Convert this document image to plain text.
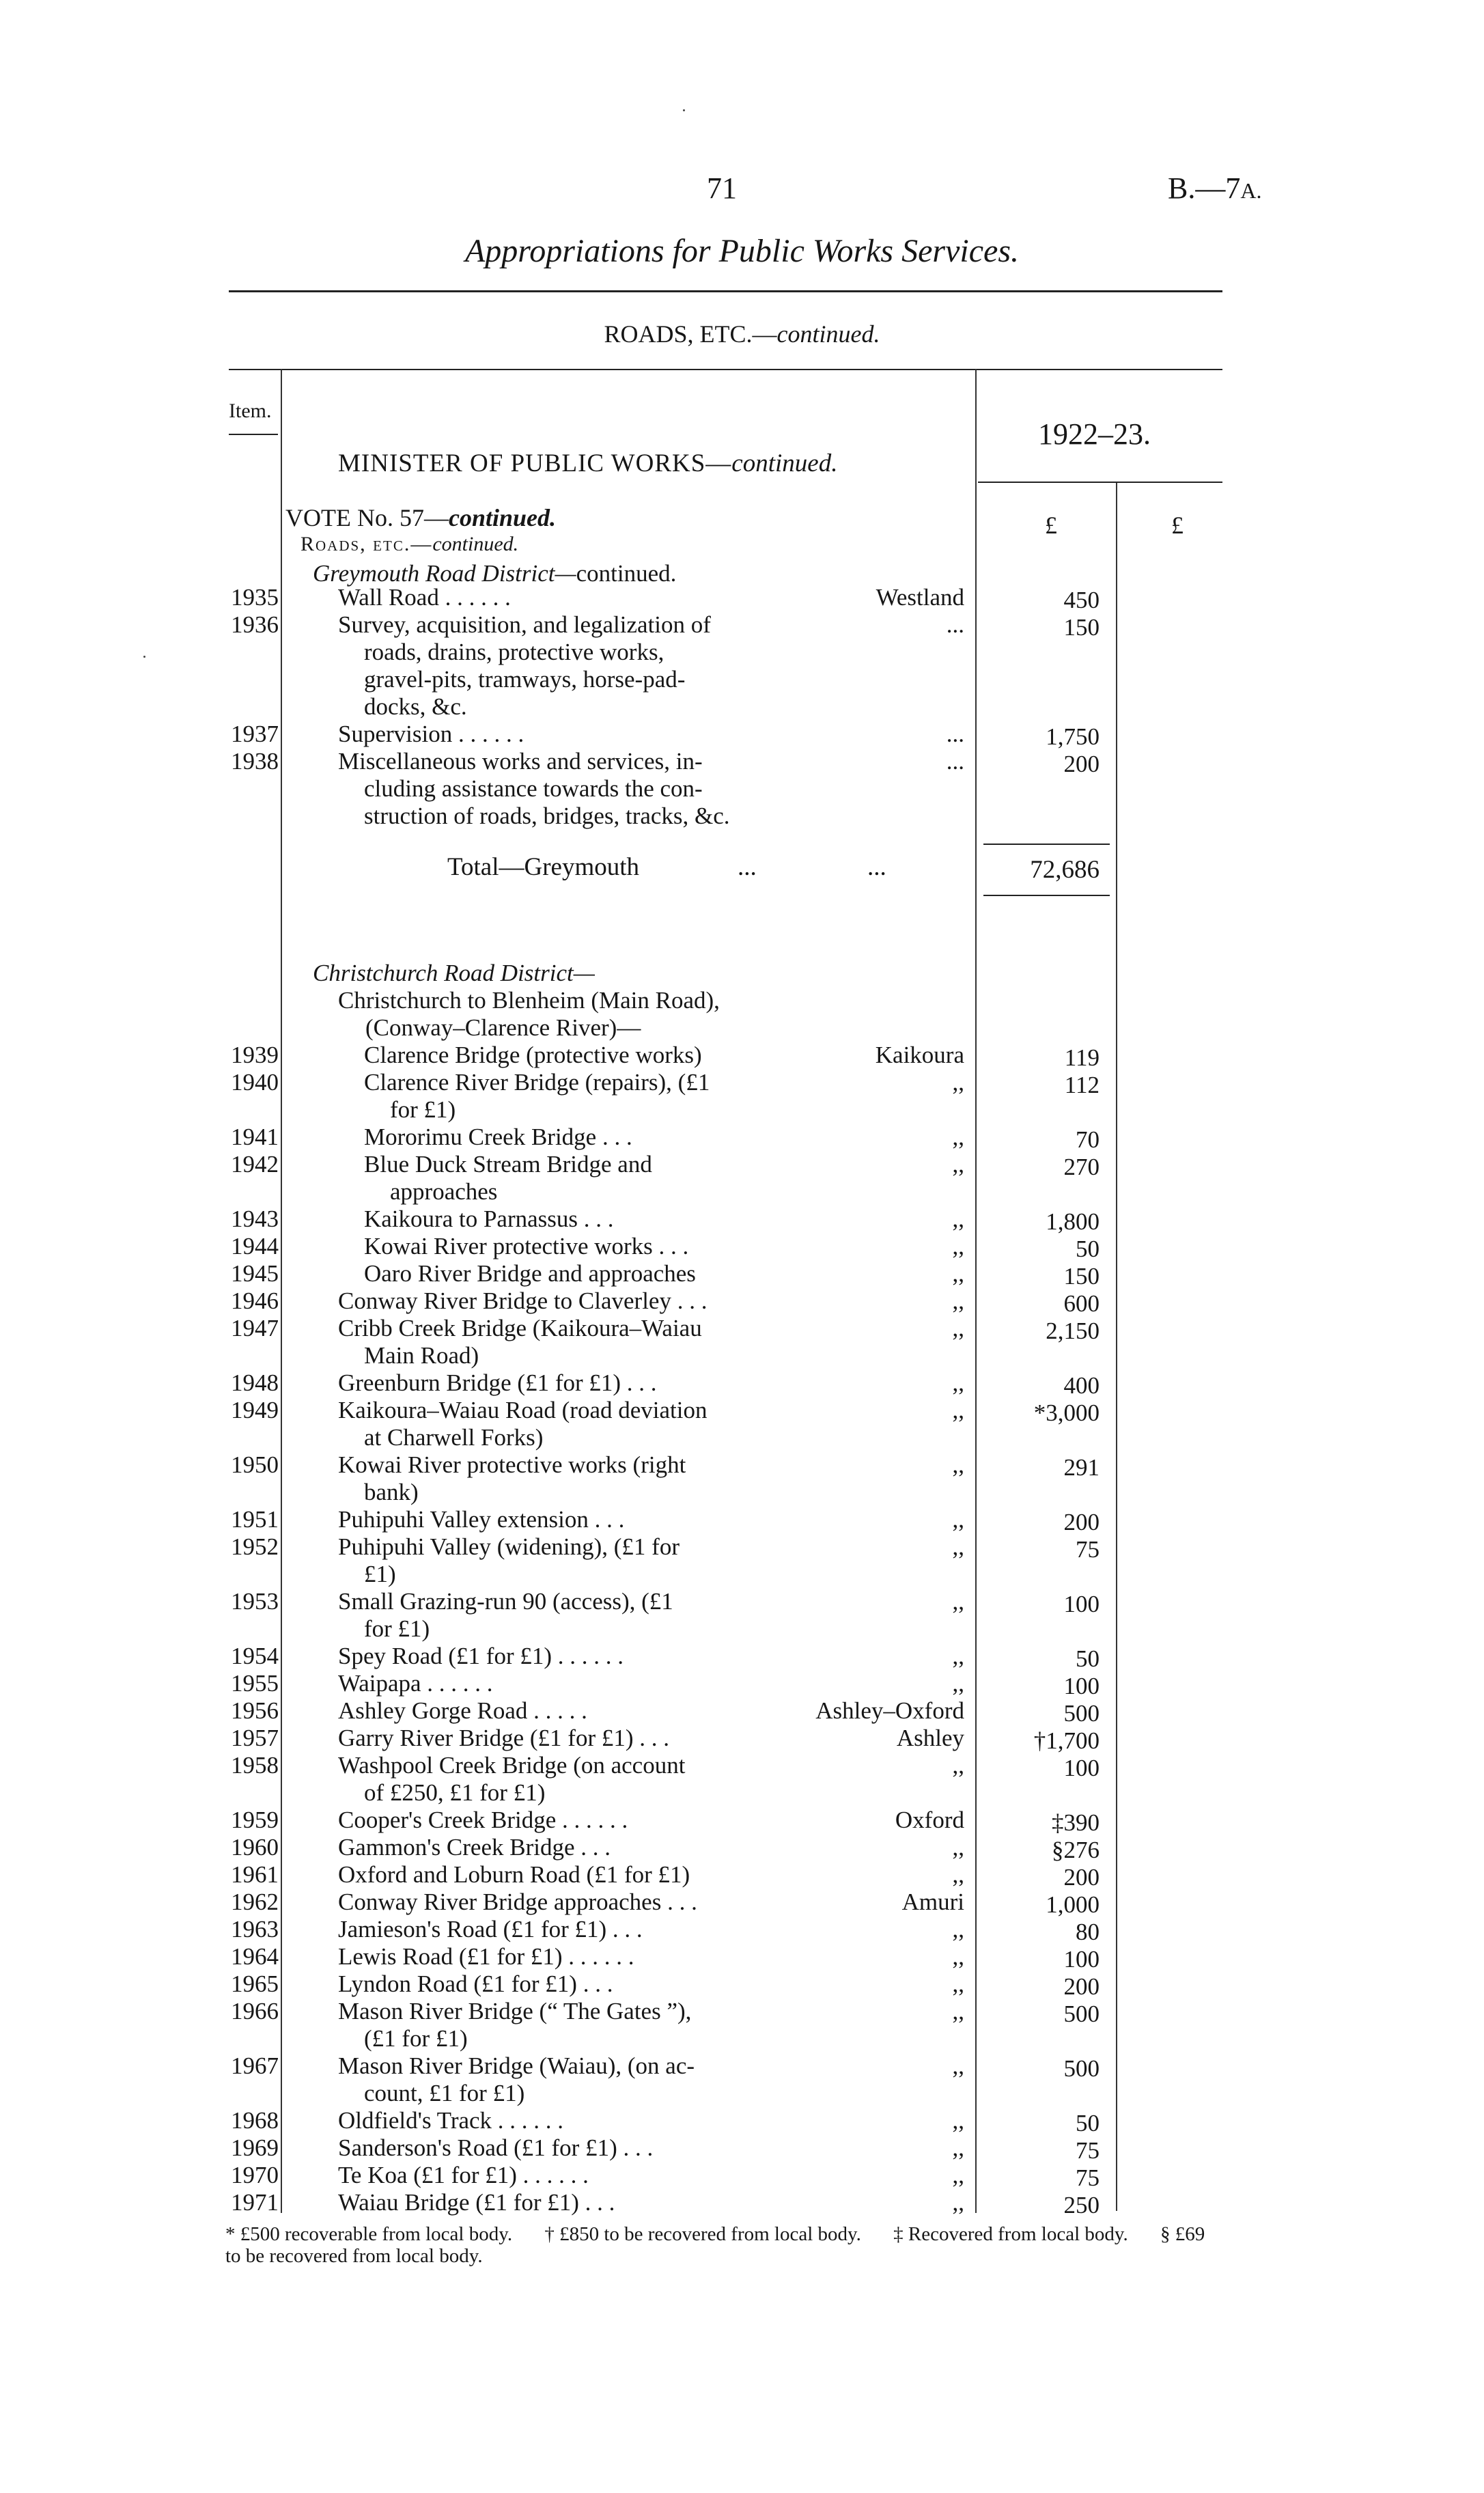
71	B.—7A.
Appropriations for Public Works Services.
ROADS, ETC.—continued.
Item.
1922–23.
MINISTER OF PUBLIC WORKS—continued.
£	£
VOTE No. 57—continued.
Roads, etc.—continued.
Greymouth Road District—continued.
1935 Wall Road . . . . . .	Westland	450
1936 Survey, acquisition, and legalization of
roads, drains, protective works,
gravel-pits, tramways, horse-pad-
docks, &c.
...	150
1937 Supervision . . . . . .	...	1,750
1938 Miscellaneous works and services, in-
cluding assistance towards the con-
struction of roads, bridges, tracks, &c.
...	200
Total—Greymouth	...	...	72,686
Christchurch Road District—
Christchurch to Blenheim (Main Road),
(Conway–Clarence River)—
1939	Clarence Bridge (protective works)	Kaikoura	119
1940	Clarence River Bridge (repairs), (£1
for £1)
,,	112
1941	Mororimu Creek Bridge . . .	,,	70
1942	Blue Duck Stream Bridge and
approaches
,,	270
1943	Kaikoura to Parnassus . . .	,,	1,800
1944	Kowai River protective works . . .	,,	50
1945	Oaro River Bridge and approaches	,,	150
1946 Conway River Bridge to Claverley . . .	,,	600
1947 Cribb Creek Bridge (Kaikoura–Waiau
Main Road)
,,	2,150
1948 Greenburn Bridge (£1 for £1) . . .	,,	400
1949 Kaikoura–Waiau Road (road deviation
at Charwell Forks)
,,	*3,000
1950 Kowai River protective works (right
bank)
,,	291
1951 Puhipuhi Valley extension . . .	,,	200
1952 Puhipuhi Valley (widening), (£1 for
£1)
,,	75
1953 Small Grazing-run 90 (access), (£1
for £1)
,,	100
1954 Spey Road (£1 for £1) . . . . . .	,,	50
1955 Waipapa . . . . . .	,,	100
1956 Ashley Gorge Road . . . . .	Ashley–Oxford	500
1957 Garry River Bridge (£1 for £1) . . .	Ashley	†1,700
1958 Washpool Creek Bridge (on account
of £250, £1 for £1)
,,	100
1959 Cooper's Creek Bridge . . . . . .	Oxford	‡390
1960 Gammon's Creek Bridge . . .	,,	§276
1961 Oxford and Loburn Road (£1 for £1)	,,	200
1962 Conway River Bridge approaches . . .	Amuri	1,000
1963 Jamieson's Road (£1 for £1) . . .	,,	80
1964 Lewis Road (£1 for £1) . . . . . .	,,	100
1965 Lyndon Road (£1 for £1) . . .	,,	200
1966 Mason River Bridge (“ The Gates ”),
(£1 for £1)
,,	500
1967 Mason River Bridge (Waiau), (on ac-
count, £1 for £1)
,,	500
1968 Oldfield's Track . . . . . .	,,	50
1969 Sanderson's Road (£1 for £1) . . .	,,	75
1970 Te Koa (£1 for £1) . . . . . .	,,	75
1971 Waiau Bridge (£1 for £1) . . .	,,	250
* £500 recoverable from local body. † £850 to be recovered from local body. ‡ Recovered from local body. § £69 to be recovered from local body.
